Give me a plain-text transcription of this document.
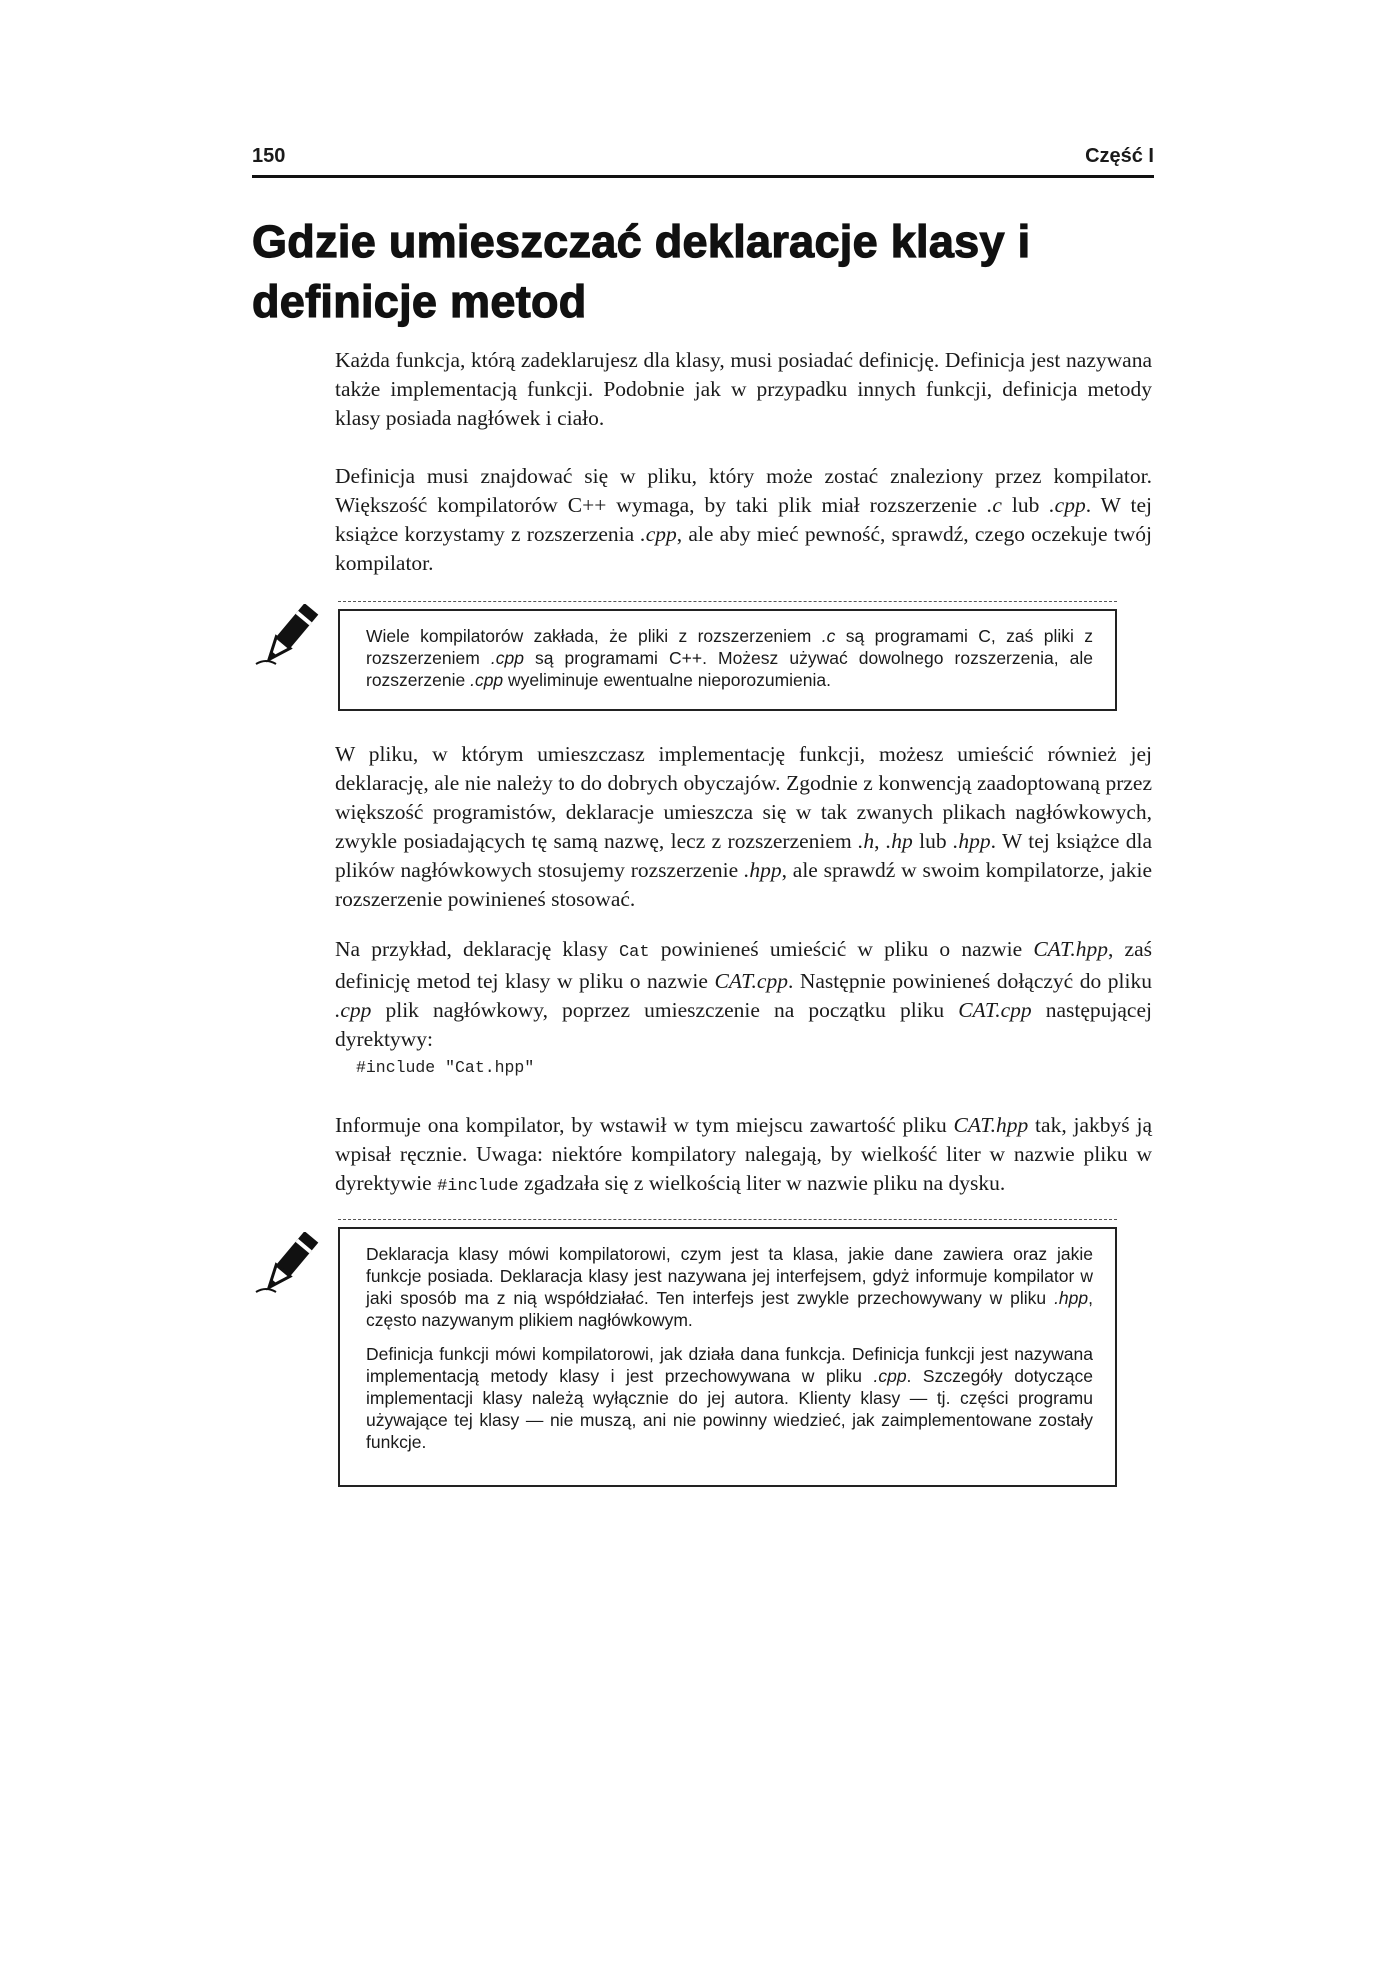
150	Część I
Gdzie umieszczać deklaracje klasy i definicje metod

Każda funkcja, którą zadeklarujesz dla klasy, musi posiadać definicję. Definicja jest nazywana także implementacją funkcji. Podobnie jak w przypadku innych funkcji, definicja metody klasy posiada nagłówek i ciało.

Definicja musi znajdować się w pliku, który może zostać znaleziony przez kompilator. Większość kompilatorów C++ wymaga, by taki plik miał rozszerzenie .c lub .cpp. W tej książce korzystamy z rozszerzenia .cpp, ale aby mieć pewność, sprawdź, czego oczekuje twój kompilator.

Wiele kompilatorów zakłada, że pliki z rozszerzeniem .c są programami C, zaś pliki z rozszerzeniem .cpp są programami C++. Możesz używać dowolnego rozszerzenia, ale rozszerzenie .cpp wyeliminuje ewentualne nieporozumienia.

W pliku, w którym umieszczasz implementację funkcji, możesz umieścić również jej deklarację, ale nie należy to do dobrych obyczajów. Zgodnie z konwencją zaadoptowaną przez większość programistów, deklaracje umieszcza się w tak zwanych plikach nagłówkowych, zwykle posiadających tę samą nazwę, lecz z rozszerzeniem .h, .hp lub .hpp. W tej książce dla plików nagłówkowych stosujemy rozszerzenie .hpp, ale sprawdź w swoim kompilatorze, jakie rozszerzenie powinieneś stosować.

Na przykład, deklarację klasy Cat powinieneś umieścić w pliku o nazwie CAT.hpp, zaś definicję metod tej klasy w pliku o nazwie CAT.cpp. Następnie powinieneś dołączyć do pliku .cpp plik nagłówkowy, poprzez umieszczenie na początku pliku CAT.cpp następującej dyrektywy:

#include "Cat.hpp"

Informuje ona kompilator, by wstawił w tym miejscu zawartość pliku CAT.hpp tak, jakbyś ją wpisał ręcznie. Uwaga: niektóre kompilatory nalegają, by wielkość liter w nazwie pliku w dyrektywie #include zgadzała się z wielkością liter w nazwie pliku na dysku.

Deklaracja klasy mówi kompilatorowi, czym jest ta klasa, jakie dane zawiera oraz jakie funkcje posiada. Deklaracja klasy jest nazywana jej interfejsem, gdyż informuje kompilator w jaki sposób ma z nią współdziałać. Ten interfejs jest zwykle przechowywany w pliku .hpp, często nazywanym plikiem nagłówkowym.

Definicja funkcji mówi kompilatorowi, jak działa dana funkcja. Definicja funkcji jest nazywana implementacją metody klasy i jest przechowywana w pliku .cpp. Szczegóły dotyczące implementacji klasy należą wyłącznie do jej autora. Klienty klasy — tj. części programu używające tej klasy — nie muszą, ani nie powinny wiedzieć, jak zaimplementowane zostały funkcje.
